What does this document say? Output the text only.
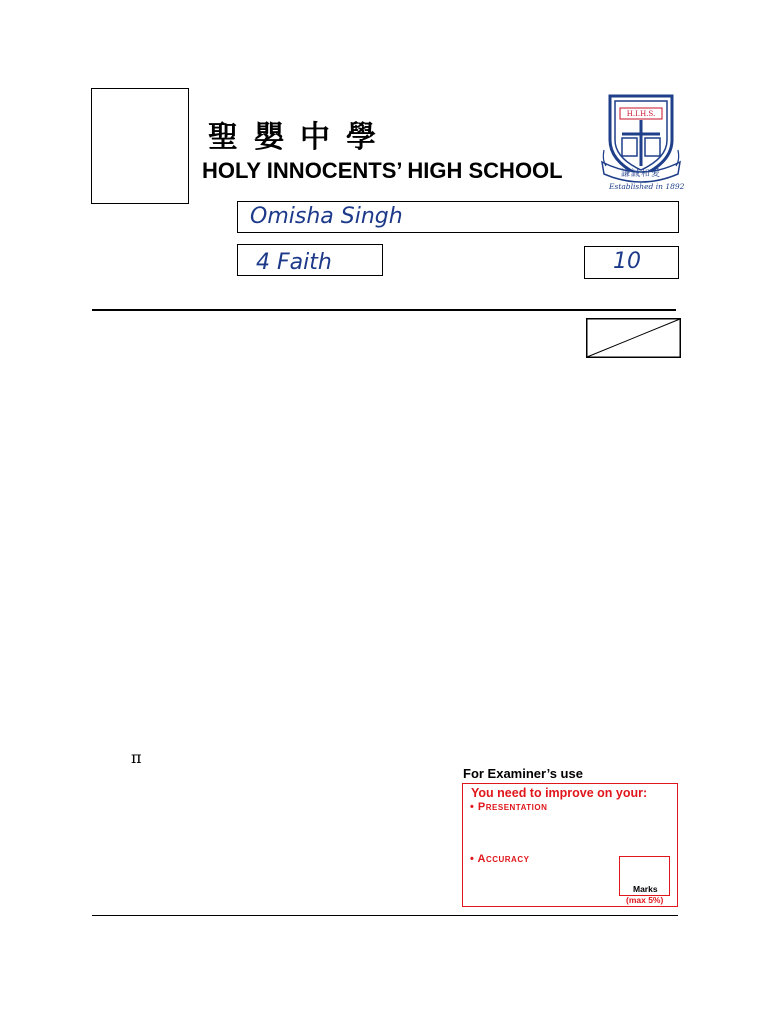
聖嬰中學
HOLY INNOCENTS’ HIGH SCHOOL
H.I.H.S.
謙誠和愛
Established in 1892
Omisha Singh
4 Faith	10
π
For Examiner’s use
You need to improve on your:
• Presentation
• Accuracy
Marks
(max 5%)
